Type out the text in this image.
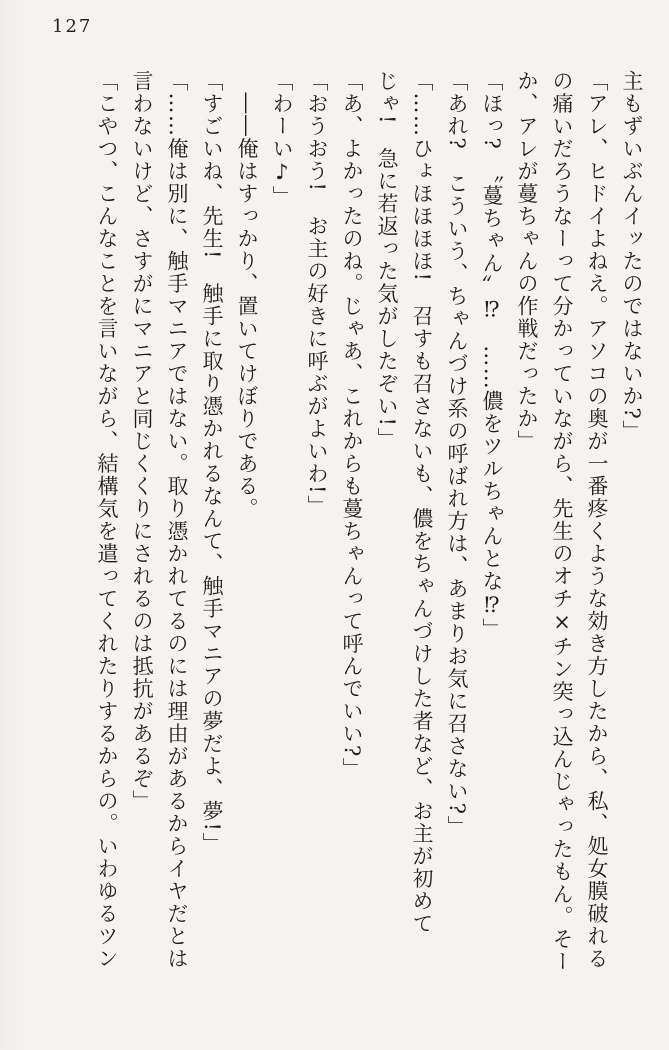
127
主もずいぶんイッたのではないか?」
「アレ、ヒドイよねえ。アソコの奥が一番疼くような効き方したから、私、処女膜破れる
の痛いだろうなーって分かっていながら、先生のオチ×チン突っ込んじゃったもん。そー
か、アレが蔓ちゃんの作戦だったか」
「ほっ?　〝蔓ちゃん〟⁉　……儂をツルちゃんとな⁉」
「あれ?　こういう、ちゃんづけ系の呼ばれ方は、あまりお気に召さない?」
「……ひょほほほほ!　召すも召さないも、儂をちゃんづけした者など、お主が初めて
じゃ!　急に若返った気がしたぞい!」
「あ、よかったのね。じゃあ、これからも蔓ちゃんって呼んでいい?」
「おうおう!　お主の好きに呼ぶがよいわ!」
「わーい♪」
　――俺はすっかり、置いてけぼりである。
「すごいね、先生!　触手に取り憑かれるなんて、触手マニアの夢だよ、夢!」
「……俺は別に、触手マニアではない。取り憑かれてるのには理由があるからイヤだとは
言わないけど、さすがにマニアと同じくくりにされるのは抵抗があるぞ」
「こやつ、こんなことを言いながら、結構気を遣ってくれたりするからの。いわゆるツン
